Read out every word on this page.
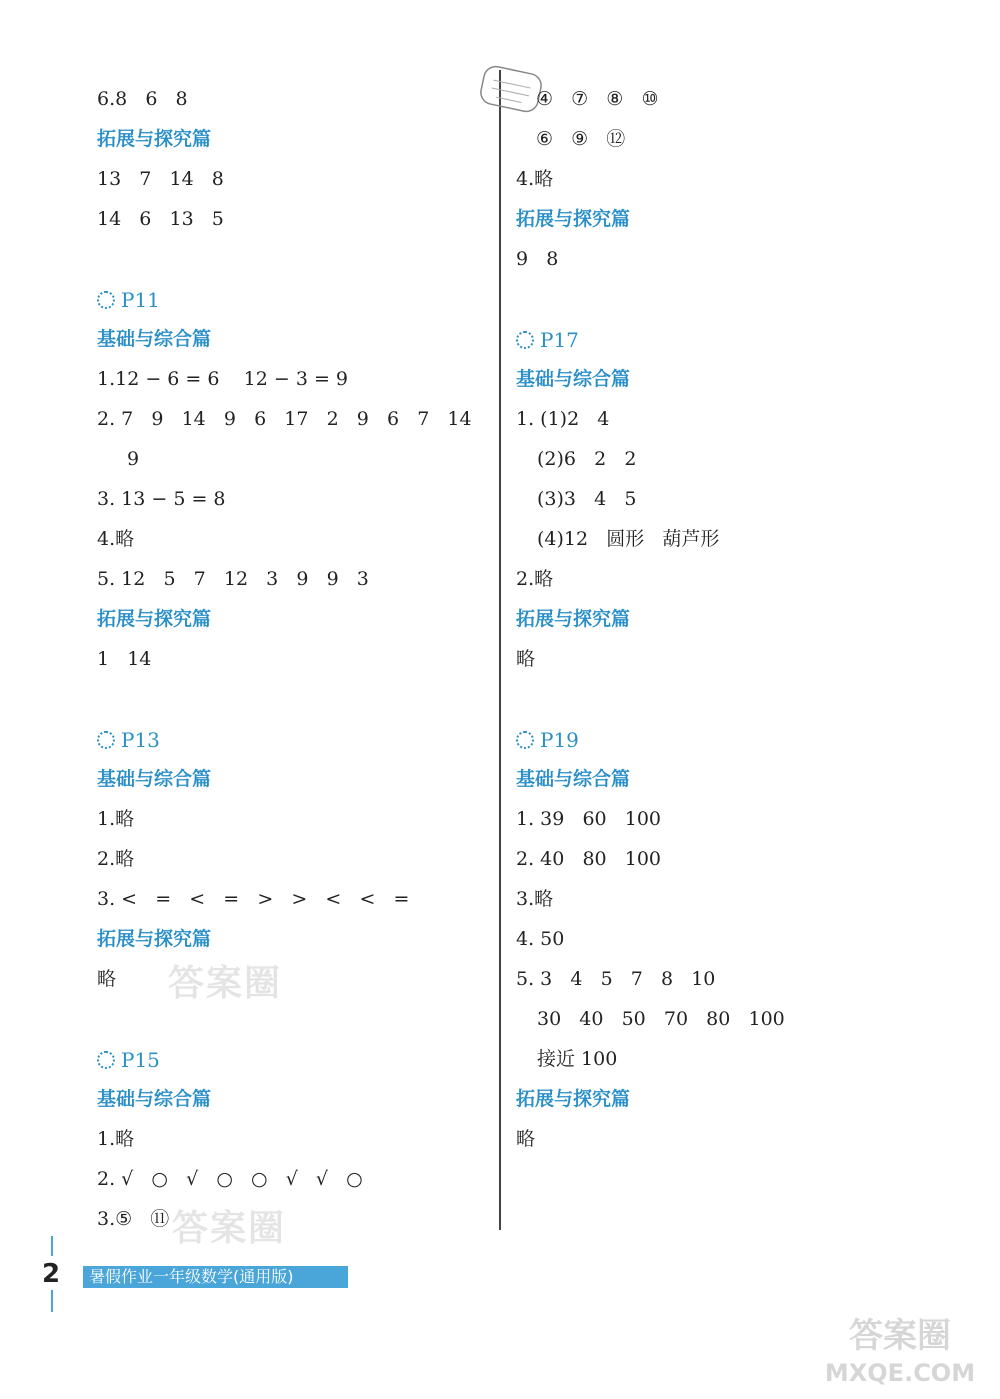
6.8   6   8
拓展与探究篇
13   7   14   8
14   6   13   5
P11
基础与综合篇
1.12 − 6 = 6    12 − 3 = 9
2. 7   9   14   9   6   17   2   9   6   7   14
9
3. 13 − 5 = 8
4.略
5. 12   5   7   12   3   9   9   3
拓展与探究篇
1   14
P13
基础与综合篇
1.略
2.略
3. <   =   <   =   >   >   <   <   =
拓展与探究篇
略
P15
基础与综合篇
1.略
2. √   ○   √   ○   ○   √   √   ○
3.⑤   ⑪
答案圈
答案圈
④   ⑦   ⑧   ⑩
⑥   ⑨   ⑫
4.略
拓展与探究篇
9   8
P17
基础与综合篇
1. (1)2   4
(2)6   2   2
(3)3   4   5
(4)12   圆形   葫芦形
2.略
拓展与探究篇
略
P19
基础与综合篇
1. 39   60   100
2. 40   80   100
3.略
4. 50
5. 3   4   5   7   8   10
30   40   50   70   80   100
接近 100
拓展与探究篇
略
2	暑假作业一年级数学(通用版)
答案圈
MXQE.COM
